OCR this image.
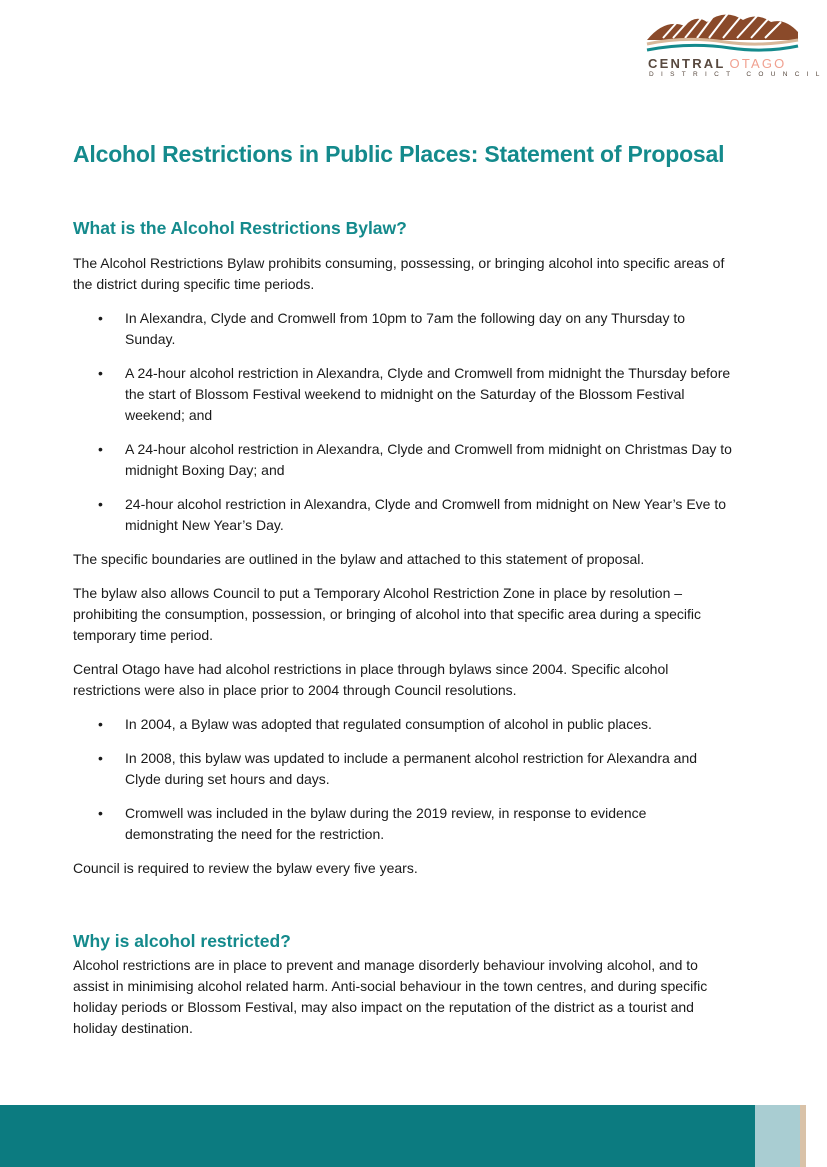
CENTRAL OTAGO
DISTRICT COUNCIL
Alcohol Restrictions in Public Places: Statement of Proposal
What is the Alcohol Restrictions Bylaw?

The Alcohol Restrictions Bylaw prohibits consuming, possessing, or bringing alcohol into specific areas of the district during specific time periods.

• In Alexandra, Clyde and Cromwell from 10pm to 7am the following day on any Thursday to Sunday.
• A 24-hour alcohol restriction in Alexandra, Clyde and Cromwell from midnight the Thursday before the start of Blossom Festival weekend to midnight on the Saturday of the Blossom Festival weekend; and
• A 24-hour alcohol restriction in Alexandra, Clyde and Cromwell from midnight on Christmas Day to midnight Boxing Day; and
• 24-hour alcohol restriction in Alexandra, Clyde and Cromwell from midnight on New Year’s Eve to midnight New Year’s Day.

The specific boundaries are outlined in the bylaw and attached to this statement of proposal.

The bylaw also allows Council to put a Temporary Alcohol Restriction Zone in place by resolution – prohibiting the consumption, possession, or bringing of alcohol into that specific area during a specific temporary time period.

Central Otago have had alcohol restrictions in place through bylaws since 2004. Specific alcohol restrictions were also in place prior to 2004 through Council resolutions.

• In 2004, a Bylaw was adopted that regulated consumption of alcohol in public places.
• In 2008, this bylaw was updated to include a permanent alcohol restriction for Alexandra and Clyde during set hours and days.
• Cromwell was included in the bylaw during the 2019 review, in response to evidence demonstrating the need for the restriction.

Council is required to review the bylaw every five years.

Why is alcohol restricted?

Alcohol restrictions are in place to prevent and manage disorderly behaviour involving alcohol, and to assist in minimising alcohol related harm. Anti-social behaviour in the town centres, and during specific holiday periods or Blossom Festival, may also impact on the reputation of the district as a tourist and holiday destination.
